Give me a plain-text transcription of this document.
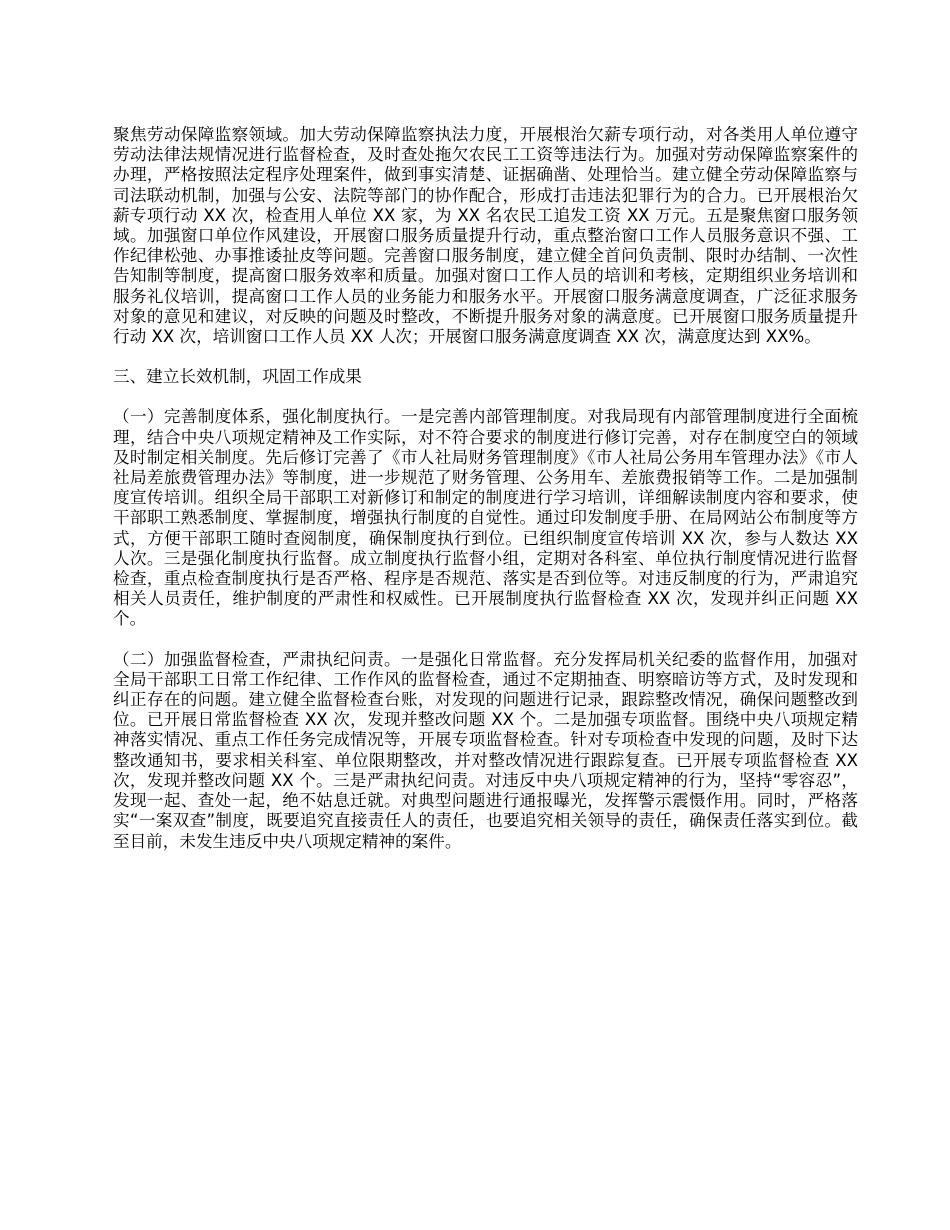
聚焦劳动保障监察领域。加大劳动保障监察执法力度，开展根治欠薪专项行动，对各类用人单位遵守劳动法律法规情况进行监督检查，及时查处拖欠农民工工资等违法行为。加强对劳动保障监察案件的办理，严格按照法定程序处理案件，做到事实清楚、证据确凿、处理恰当。建立健全劳动保障监察与司法联动机制，加强与公安、法院等部门的协作配合，形成打击违法犯罪行为的合力。已开展根治欠薪专项行动 XX 次，检查用人单位 XX 家，为 XX 名农民工追发工资 XX 万元。五是聚焦窗口服务领域。加强窗口单位作风建设，开展窗口服务质量提升行动，重点整治窗口工作人员服务意识不强、工作纪律松弛、办事推诿扯皮等问题。完善窗口服务制度，建立健全首问负责制、限时办结制、一次性告知制等制度，提高窗口服务效率和质量。加强对窗口工作人员的培训和考核，定期组织业务培训和服务礼仪培训，提高窗口工作人员的业务能力和服务水平。开展窗口服务满意度调查，广泛征求服务对象的意见和建议，对反映的问题及时整改，不断提升服务对象的满意度。已开展窗口服务质量提升行动 XX 次，培训窗口工作人员 XX 人次；开展窗口服务满意度调查 XX 次，满意度达到 XX%。

三、建立长效机制，巩固工作成果

（一）完善制度体系，强化制度执行。一是完善内部管理制度。对我局现有内部管理制度进行全面梳理，结合中央八项规定精神及工作实际，对不符合要求的制度进行修订完善，对存在制度空白的领域及时制定相关制度。先后修订完善了《市人社局财务管理制度》《市人社局公务用车管理办法》《市人社局差旅费管理办法》等制度，进一步规范了财务管理、公务用车、差旅费报销等工作。二是加强制度宣传培训。组织全局干部职工对新修订和制定的制度进行学习培训，详细解读制度内容和要求，使干部职工熟悉制度、掌握制度，增强执行制度的自觉性。通过印发制度手册、在局网站公布制度等方式，方便干部职工随时查阅制度，确保制度执行到位。已组织制度宣传培训 XX 次，参与人数达 XX 人次。三是强化制度执行监督。成立制度执行监督小组，定期对各科室、单位执行制度情况进行监督检查，重点检查制度执行是否严格、程序是否规范、落实是否到位等。对违反制度的行为，严肃追究相关人员责任，维护制度的严肃性和权威性。已开展制度执行监督检查 XX 次，发现并纠正问题 XX 个。

（二）加强监督检查，严肃执纪问责。一是强化日常监督。充分发挥局机关纪委的监督作用，加强对全局干部职工日常工作纪律、工作作风的监督检查，通过不定期抽查、明察暗访等方式，及时发现和纠正存在的问题。建立健全监督检查台账，对发现的问题进行记录，跟踪整改情况，确保问题整改到位。已开展日常监督检查 XX 次，发现并整改问题 XX 个。二是加强专项监督。围绕中央八项规定精神落实情况、重点工作任务完成情况等，开展专项监督检查。针对专项检查中发现的问题，及时下达整改通知书，要求相关科室、单位限期整改，并对整改情况进行跟踪复查。已开展专项监督检查 XX 次，发现并整改问题 XX 个。三是严肃执纪问责。对违反中央八项规定精神的行为，坚持“零容忍”，发现一起、查处一起，绝不姑息迁就。对典型问题进行通报曝光，发挥警示震慑作用。同时，严格落实“一案双查”制度，既要追究直接责任人的责任，也要追究相关领导的责任，确保责任落实到位。截至目前，未发生违反中央八项规定精神的案件。
